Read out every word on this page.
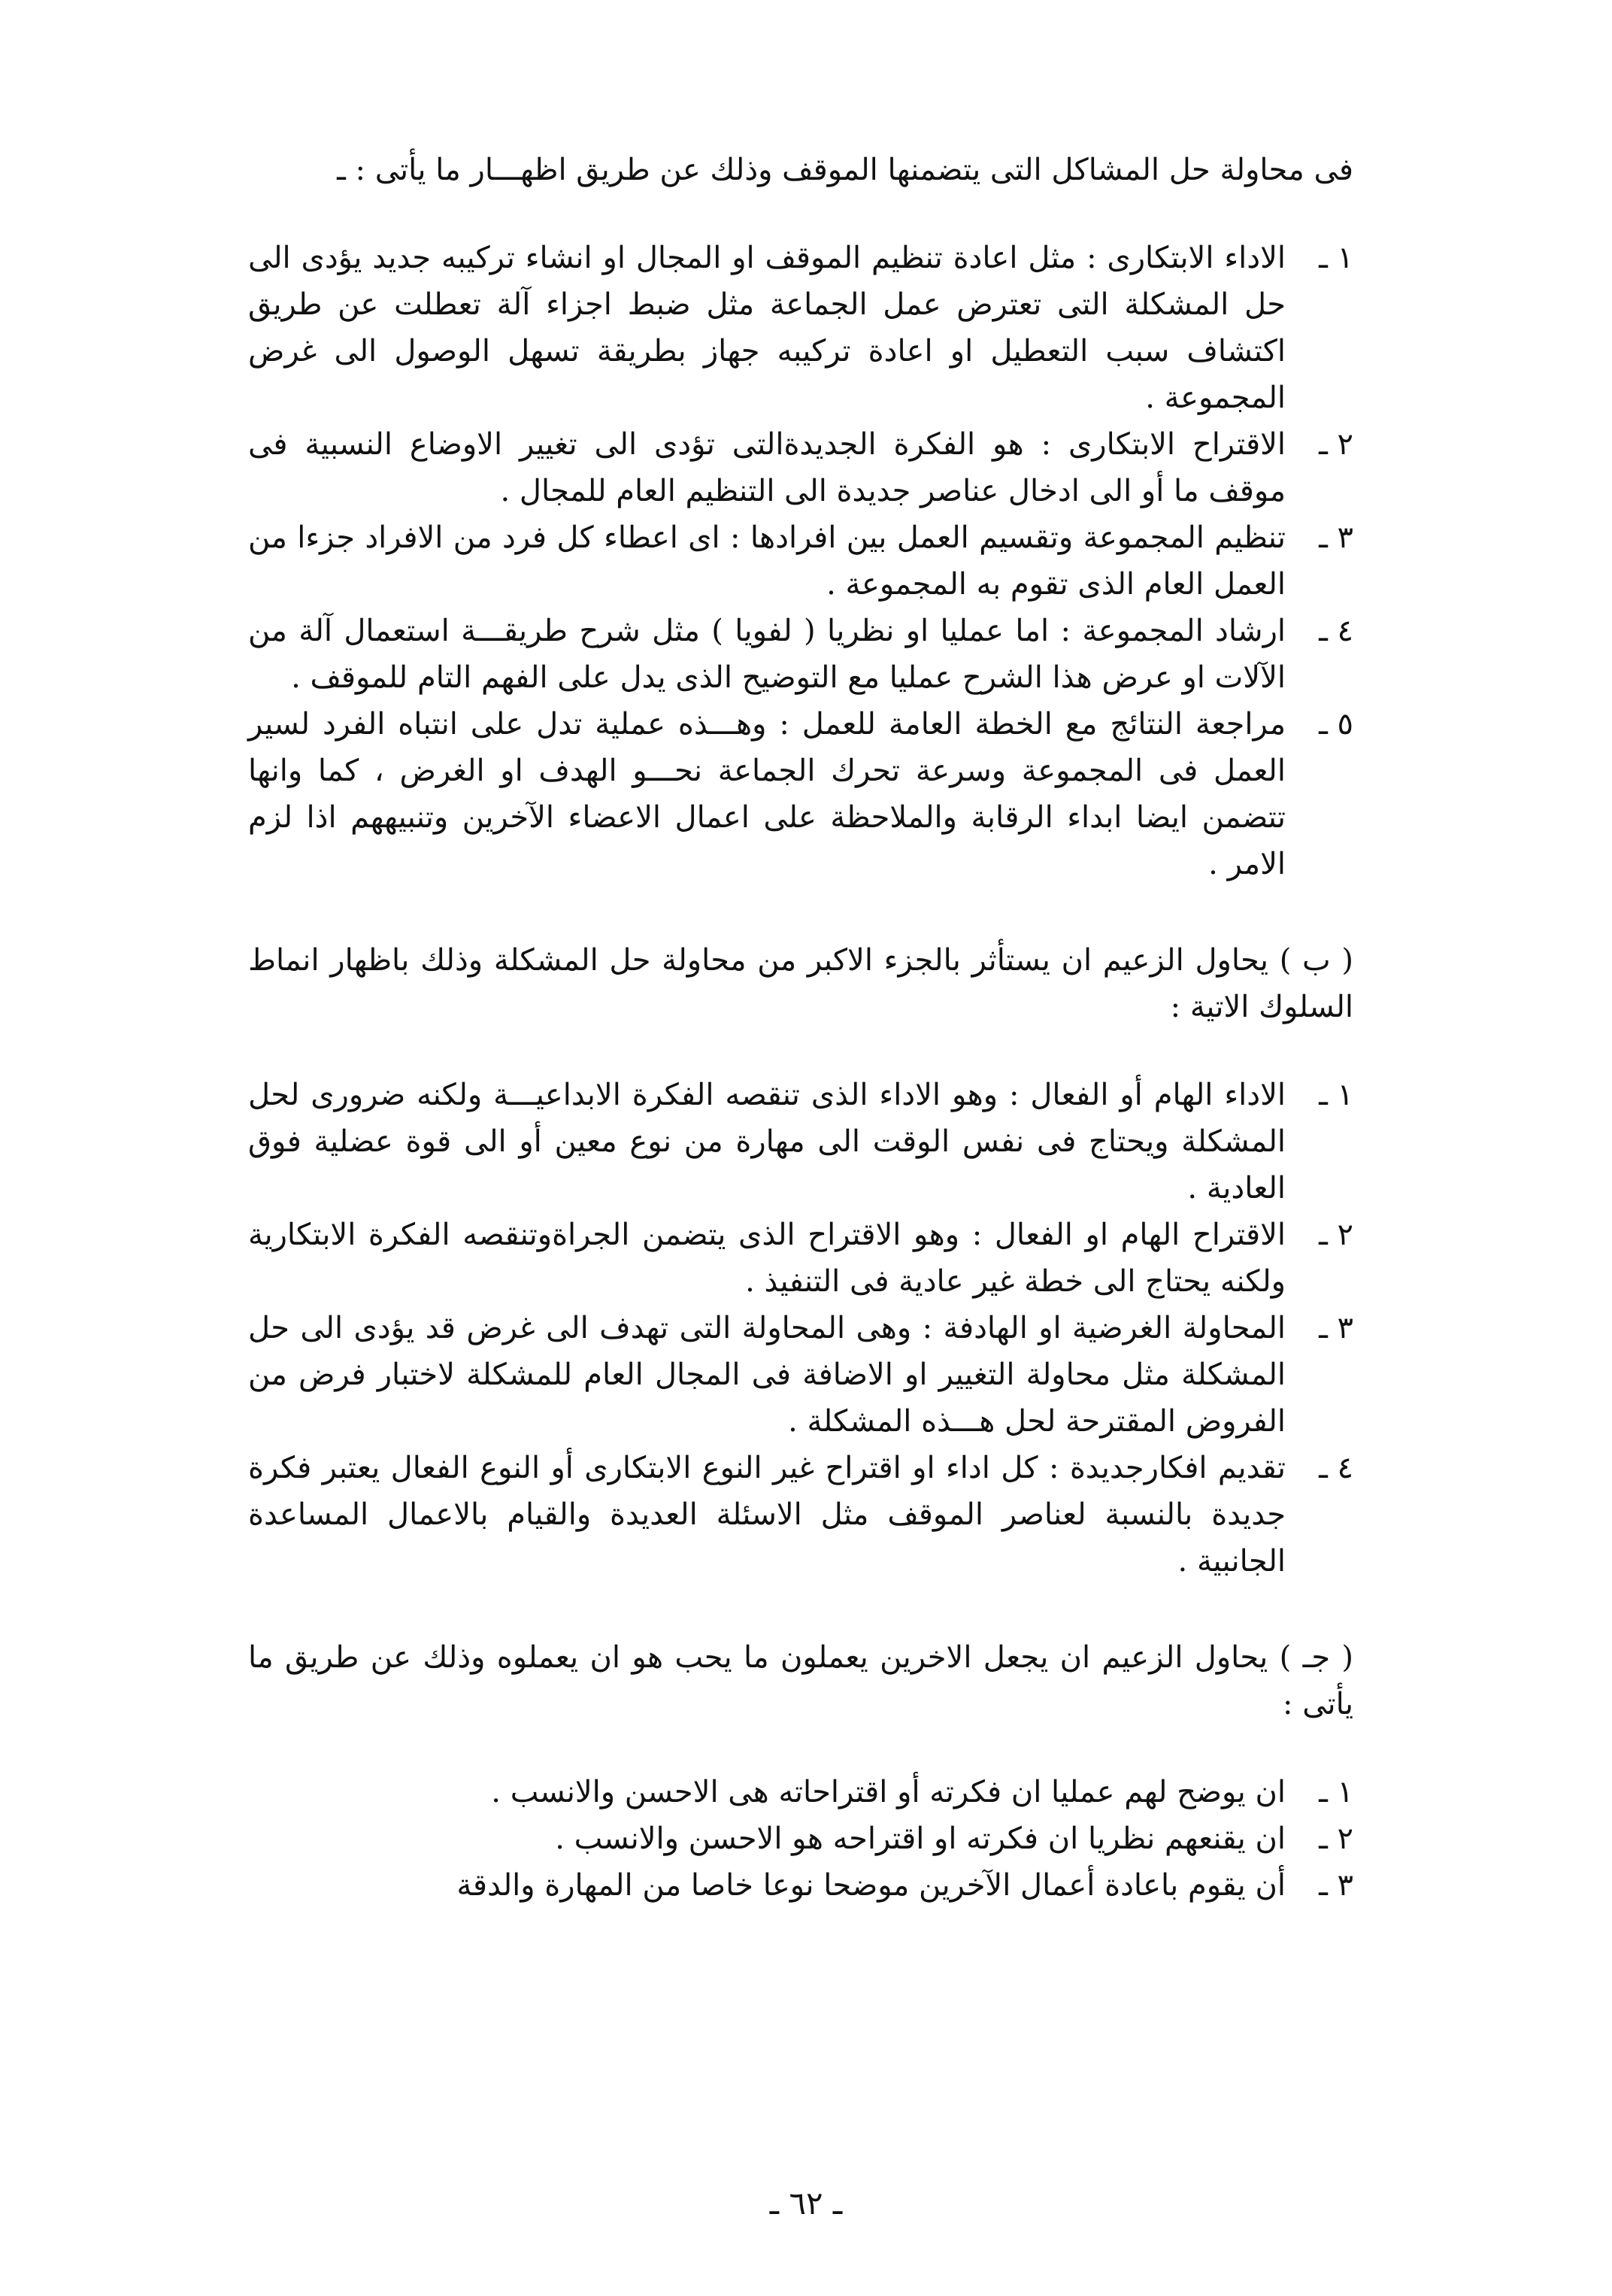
فى محاولة حل المشاكل التى يتضمنها الموقف وذلك عن طريق اظهـــار ما يأتى : ـ

١ ـ
الاداء الابتكارى : مثل اعادة تنظيم الموقف او المجال او انشاء تركيبه جديد يؤدى الى حل المشكلة التى تعترض عمل الجماعة مثل ضبط اجزاء آلة تعطلت عن طريق اكتشاف سبب التعطيل او اعادة تركيبه جهاز بطريقة تسهل الوصول الى غرض المجموعة .
٢ ـ
الاقتراح الابتكارى : هو الفكرة الجديدةالتى تؤدى الى تغيير الاوضاع النسبية فى موقف ما أو الى ادخال عناصر جديدة الى التنظيم العام للمجال .
٣ ـ
تنظيم المجموعة وتقسيم العمل بين افرادها : اى اعطاء كل فرد من الافراد جزءا من العمل العام الذى تقوم به المجموعة .
٤ ـ
ارشاد المجموعة : اما عمليا او نظريا ( لفويا ) مثل شرح طريقـــة استعمال آلة من الآلات او عرض هذا الشرح عمليا مع التوضيح الذى يدل على الفهم التام للموقف .
٥ ـ
مراجعة النتائج مع الخطة العامة للعمل : وهـــذه عملية تدل على انتباه الفرد لسير العمل فى المجموعة وسرعة تحرك الجماعة نحـــو الهدف او الغرض ، كما وانها تتضمن ايضا ابداء الرقابة والملاحظة على اعمال الاعضاء الآخرين وتنبيههم اذا لزم الامر .

( ب ) يحاول الزعيم ان يستأثر بالجزء الاكبر من محاولة حل المشكلة وذلك باظهار انماط السلوك الاتية :

١ ـ
الاداء الهام أو الفعال : وهو الاداء الذى تنقصه الفكرة الابداعيـــة ولكنه ضرورى لحل المشكلة ويحتاج فى نفس الوقت الى مهارة من نوع معين أو الى قوة عضلية فوق العادية .
٢ ـ
الاقتراح الهام او الفعال : وهو الاقتراح الذى يتضمن الجراةوتنقصه الفكرة الابتكارية ولكنه يحتاج الى خطة غير عادية فى التنفيذ .
٣ ـ
المحاولة الغرضية او الهادفة : وهى المحاولة التى تهدف الى غرض قد يؤدى الى حل المشكلة مثل محاولة التغيير او الاضافة فى المجال العام للمشكلة لاختبار فرض من الفروض المقترحة لحل هـــذه المشكلة .
٤ ـ
تقديم افكارجديدة : كل اداء او اقتراح غير النوع الابتكارى أو النوع الفعال يعتبر فكرة جديدة بالنسبة لعناصر الموقف مثل الاسئلة العديدة والقيام بالاعمال المساعدة الجانبية .

( جـ ) يحاول الزعيم ان يجعل الاخرين يعملون ما يحب هو ان يعملوه وذلك عن طريق ما يأتى :

١ ـ
ان يوضح لهم عمليا ان فكرته أو اقتراحاته هى الاحسن والانسب .
٢ ـ
ان يقنعهم نظريا ان فكرته او اقتراحه هو الاحسن والانسب .
٣ ـ
أن يقوم باعادة أعمال الآخرين موضحا نوعا خاصا من المهارة والدقة
ـ ٦٢ ـ
